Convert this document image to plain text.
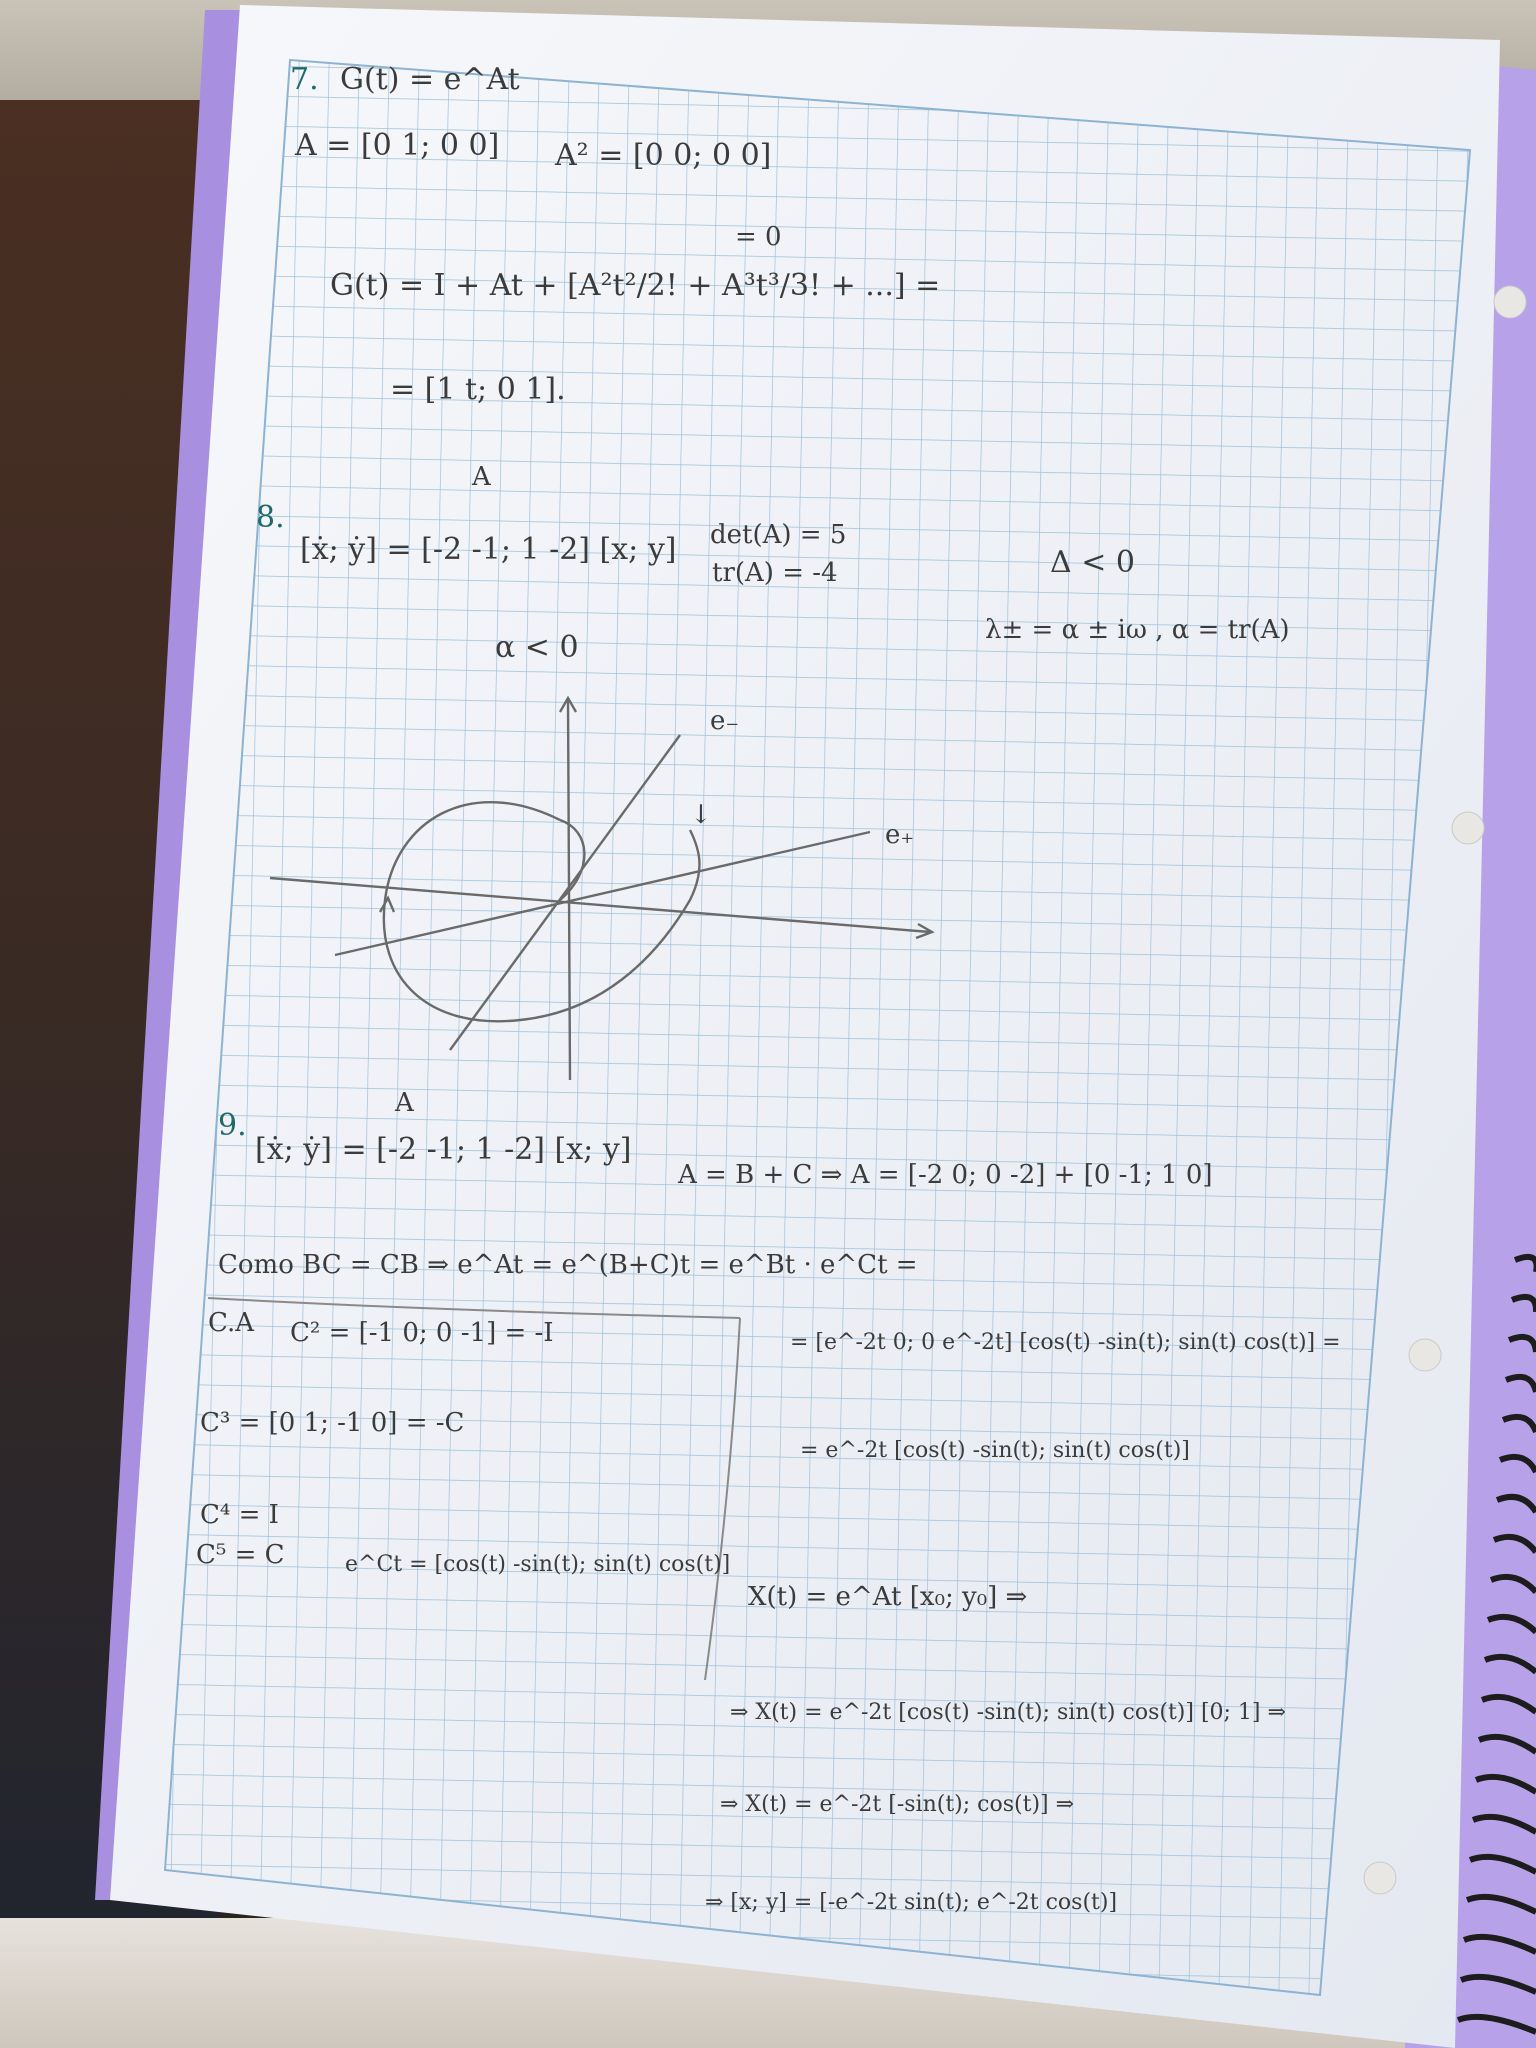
7. G(t) = e^At
A = [0 1; 0 0] A² = [0 0; 0 0]
= 0
G(t) = I + At + [A²t²/2! + A³t³/3! + ...] =
= [1 t; 0 1].
A
8.
[ẋ; ẏ] = [-2 -1; 1 -2] [x; y] det(A) = 5
tr(A) = -4	Δ < 0
λ± = α ± iω , α = tr(A)
α < 0
e₋
e₊
↓
A
9.
[ẋ; ẏ] = [-2 -1; 1 -2] [x; y]
A = B + C ⇒ A = [-2 0; 0 -2] + [0 -1; 1 0]
Como BC = CB ⇒ e^At = e^(B+C)t = e^Bt · e^Ct =
C.A C² = [-1 0; 0 -1] = -I
C³ = [0 1; -1 0] = -C
C⁴ = I
C⁵ = C	e^Ct = [cos(t) -sin(t); sin(t) cos(t)]
= [e^-2t 0; 0 e^-2t] [cos(t) -sin(t); sin(t) cos(t)] =
= e^-2t [cos(t) -sin(t); sin(t) cos(t)]
X(t) = e^At [x₀; y₀] ⇒
⇒ X(t) = e^-2t [cos(t) -sin(t); sin(t) cos(t)] [0; 1] ⇒
⇒ X(t) = e^-2t [-sin(t); cos(t)] ⇒
⇒ [x; y] = [-e^-2t sin(t); e^-2t cos(t)]
